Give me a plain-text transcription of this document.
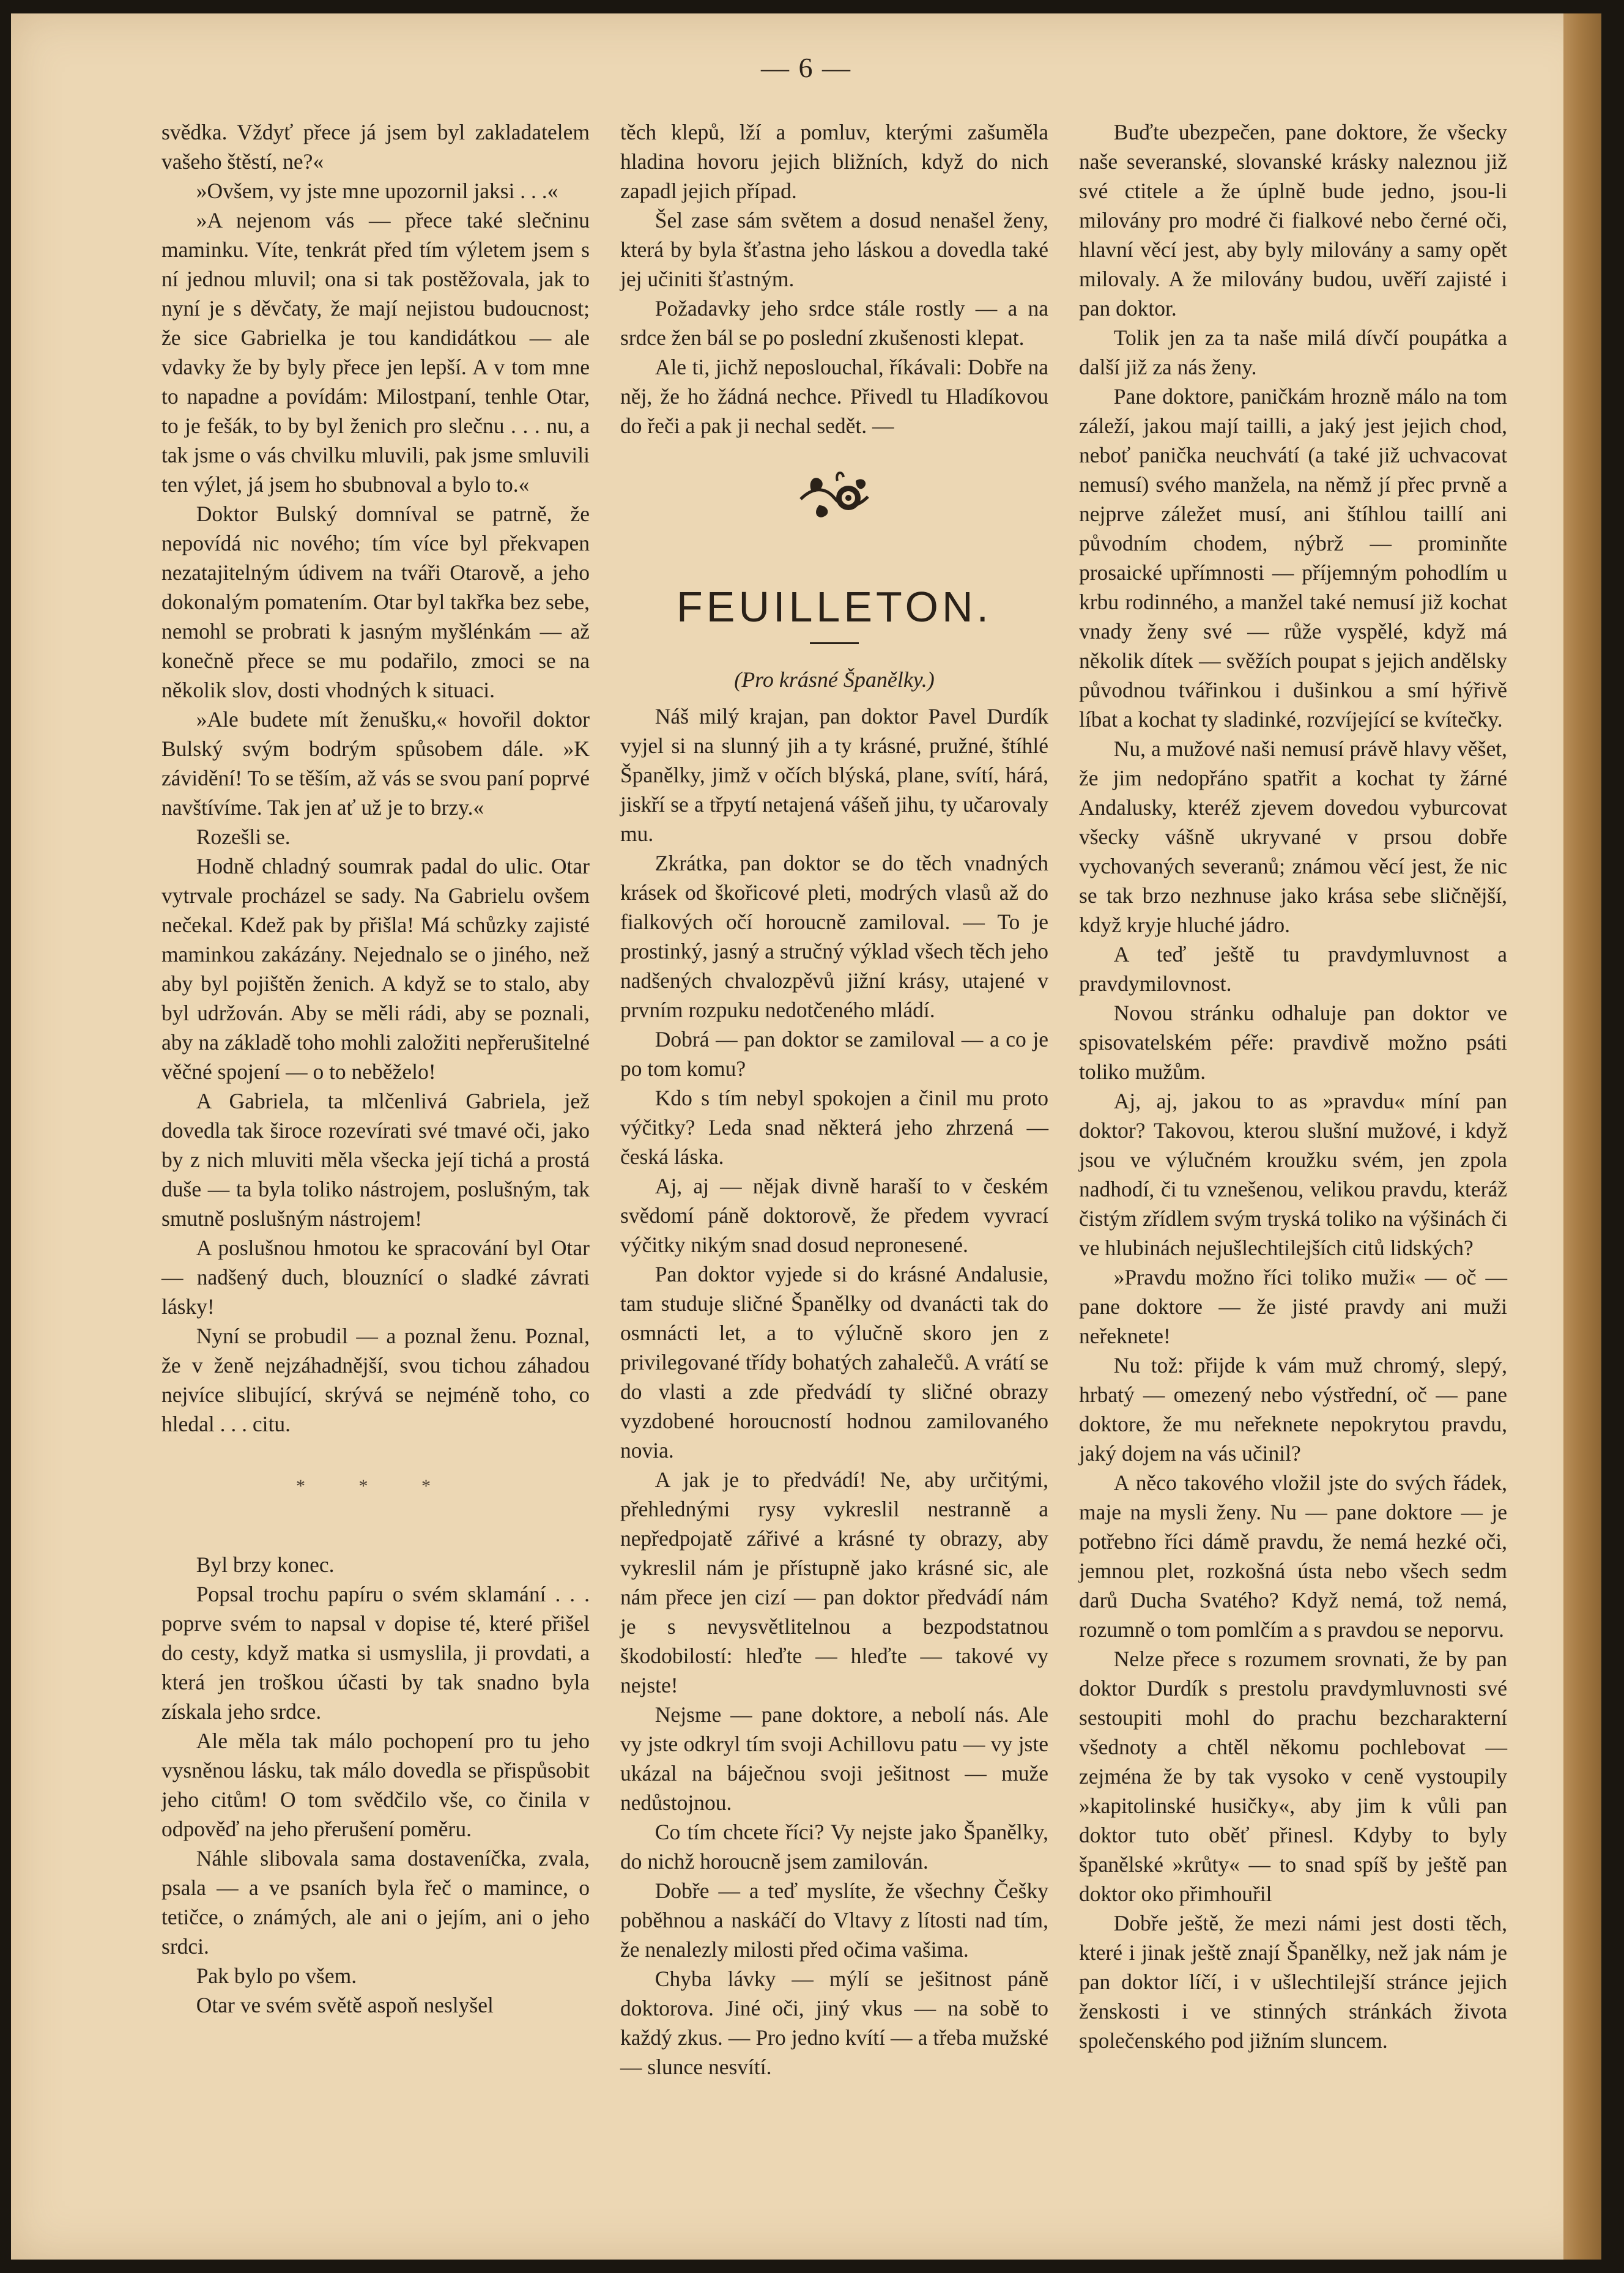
— 6 —

svědka. Vždyť přece já jsem byl zakladatelem vašeho štěstí, ne?«

»Ovšem, vy jste mne upozornil jaksi . . .«

»A nejenom vás — přece také slečninu maminku. Víte, tenkrát před tím výletem jsem s ní jednou mluvil; ona si tak postěžovala, jak to nyní je s děvčaty, že mají nejistou budoucnost; že sice Gabrielka je tou kandidátkou — ale vdavky že by byly přece jen lepší. A v tom mne to napadne a povídám: Milostpaní, tenhle Otar, to je fešák, to by byl ženich pro slečnu . . . nu, a tak jsme o vás chvilku mluvili, pak jsme smluvili ten výlet, já jsem ho sbubnoval a bylo to.«

Doktor Bulský domníval se patrně, že nepovídá nic nového; tím více byl překvapen nezatajitelným údivem na tváři Otarově, a jeho dokonalým pomatením. Otar byl takřka bez sebe, nemohl se probrati k jasným myšlénkám — až konečně přece se mu podařilo, zmoci se na několik slov, dosti vhodných k situaci.

»Ale budete mít ženušku,« hovořil doktor Bulský svým bodrým spůsobem dále. »K závidění! To se těším, až vás se svou paní poprvé navštívíme. Tak jen ať už je to brzy.«

Rozešli se.

Hodně chladný soumrak padal do ulic. Otar vytrvale procházel se sady. Na Gabrielu ovšem nečekal. Kdež pak by přišla! Má schůzky zajisté maminkou zakázány. Nejednalo se o jiného, než aby byl pojištěn ženich. A když se to stalo, aby byl udržován. Aby se měli rádi, aby se poznali, aby na základě toho mohli založiti nepřerušitelné věčné spojení — o to neběželo!

A Gabriela, ta mlčenlivá Gabriela, jež dovedla tak široce rozevírati své tmavé oči, jako by z nich mluviti měla všecka její tichá a prostá duše — ta byla toliko nástrojem, poslušným, tak smutně poslušným nástrojem!

A poslušnou hmotou ke spracování byl Otar — nadšený duch, blouznící o sladké závrati lásky!

Nyní se probudil — a poznal ženu. Poznal, že v ženě nejzáhadnější, svou tichou záhadou nejvíce slibující, skrývá se nejméně toho, co hledal . . . citu.

* * *

Byl brzy konec.

Popsal trochu papíru o svém sklamání . . . poprve svém to napsal v dopise té, které přišel do cesty, když matka si usmyslila, ji provdati, a která jen troškou účasti by tak snadno byla získala jeho srdce.

Ale měla tak málo pochopení pro tu jeho vysněnou lásku, tak málo dovedla se přispůsobit jeho citům! O tom svědčilo vše, co činila v odpověď na jeho přerušení poměru.

Náhle slibovala sama dostaveníčka, zvala, psala — a ve psaních byla řeč o mamince, o tetičce, o známých, ale ani o jejím, ani o jeho srdci.

Pak bylo po všem.

Otar ve svém světě aspoň neslyšel

těch klepů, lží a pomluv, kterými zašuměla hladina hovoru jejich bližních, když do nich zapadl jejich případ.

Šel zase sám světem a dosud nenašel ženy, která by byla šťastna jeho láskou a dovedla také jej učiniti šťastným.

Požadavky jeho srdce stále rostly — a na srdce žen bál se po poslední zkušenosti klepat.

Ale ti, jichž neposlouchal, říkávali: Dobře na něj, že ho žádná nechce. Přivedl tu Hladíkovou do řeči a pak ji nechal sedět. —

FEUILLETON.
(Pro krásné Španělky.)

Náš milý krajan, pan doktor Pavel Durdík vyjel si na slunný jih a ty krásné, pružné, štíhlé Španělky, jimž v očích blýská, plane, svítí, hárá, jiskří se a třpytí netajená vášeň jihu, ty učarovaly mu.

Zkrátka, pan doktor se do těch vnadných krásek od škořicové pleti, modrých vlasů až do fialkových očí horoucně zamiloval. — To je prostinký, jasný a stručný výklad všech těch jeho nadšených chvalozpěvů jižní krásy, utajené v prvním rozpuku nedotčeného mládí.

Dobrá — pan doktor se zamiloval — a co je po tom komu?

Kdo s tím nebyl spokojen a činil mu proto výčitky? Leda snad některá jeho zhrzená — česká láska.

Aj, aj — nějak divně haraší to v českém svědomí páně doktorově, že předem vyvrací výčitky nikým snad dosud nepronesené.

Pan doktor vyjede si do krásné Andalusie, tam studuje sličné Španělky od dvanácti tak do osmnácti let, a to výlučně skoro jen z privilegované třídy bohatých zahalečů. A vrátí se do vlasti a zde předvádí ty sličné obrazy vyzdobené horoucností hodnou zamilovaného novia.

A jak je to předvádí! Ne, aby určitými, přehlednými rysy vykreslil nestranně a nepředpojatě zářivé a krásné ty obrazy, aby vykreslil nám je přístupně jako krásné sic, ale nám přece jen cizí — pan doktor předvádí nám je s nevysvětlitelnou a bezpodstatnou škodobilostí: hleďte — hleďte — takové vy nejste!

Nejsme — pane doktore, a nebolí nás. Ale vy jste odkryl tím svoji Achillovu patu — vy jste ukázal na báječnou svoji ješitnost — muže nedůstojnou.

Co tím chcete říci? Vy nejste jako Španělky, do nichž horoucně jsem zamilován.

Dobře — a teď myslíte, že všechny Češky poběhnou a naskáčí do Vltavy z lítosti nad tím, že nenalezly milosti před očima vašima.

Chyba lávky — mýlí se ješitnost páně doktorova. Jiné oči, jiný vkus — na sobě to každý zkus. — Pro jedno kvítí — a třeba mužské — slunce nesvítí.

Buďte ubezpečen, pane doktore, že všecky naše severanské, slovanské krásky naleznou již své ctitele a že úplně bude jedno, jsou-li milovány pro modré či fialkové nebo černé oči, hlavní věcí jest, aby byly milovány a samy opět milovaly. A že milovány budou, uvěří zajisté i pan doktor.

Tolik jen za ta naše milá dívčí poupátka a další již za nás ženy.

Pane doktore, paničkám hrozně málo na tom záleží, jakou mají tailli, a jaký jest jejich chod, neboť panička neuchvátí (a také již uchvacovat nemusí) svého manžela, na němž jí přec prvně a nejprve záležet musí, ani štíhlou taillí ani původním chodem, nýbrž — prominňte prosaické upřímnosti — příjemným pohodlím u krbu rodinného, a manžel také nemusí již kochat vnady ženy své — růže vyspělé, když má několik dítek — svěžích poupat s jejich andělsky původnou tvářinkou i dušinkou a smí hýřivě líbat a kochat ty sladinké, rozvíjející se kvítečky.

Nu, a mužové naši nemusí právě hlavy věšet, že jim nedopřáno spatřit a kochat ty žárné Andalusky, kteréž zjevem dovedou vyburcovat všecky vášně ukryvané v prsou dobře vychovaných severanů; známou věcí jest, že nic se tak brzo nezhnuse jako krása sebe sličnější, když kryje hluché jádro.

A teď ještě tu pravdymluvnost a pravdymilovnost.

Novou stránku odhaluje pan doktor ve spisovatelském péře: pravdivě možno psáti toliko mužům.

Aj, aj, jakou to as »pravdu« míní pan doktor? Takovou, kterou slušní mužové, i když jsou ve výlučném kroužku svém, jen zpola nadhodí, či tu vznešenou, velikou pravdu, kteráž čistým zřídlem svým tryská toliko na výšinách či ve hlubinách nejušlechtilejších citů lidských?

»Pravdu možno říci toliko muži« — oč — pane doktore — že jisté pravdy ani muži neřeknete!

Nu tož: přijde k vám muž chromý, slepý, hrbatý — omezený nebo výstřední, oč — pane doktore, že mu neřeknete nepokrytou pravdu, jaký dojem na vás učinil?

A něco takového vložil jste do svých řádek, maje na mysli ženy. Nu — pane doktore — je potřebno říci dámě pravdu, že nemá hezké oči, jemnou plet, rozkošná ústa nebo všech sedm darů Ducha Svatého? Když nemá, tož nemá, rozumně o tom pomlčím a s pravdou se neporvu.

Nelze přece s rozumem srovnati, že by pan doktor Durdík s prestolu pravdymluvnosti své sestoupiti mohl do prachu bezcharakterní všednoty a chtěl někomu pochlebovat — zejména že by tak vysoko v ceně vystoupily »kapitolinské husičky«, aby jim k vůli pan doktor tuto oběť přinesl. Kdyby to byly španělské »krůty« — to snad spíš by ještě pan doktor oko přimhouřil

Dobře ještě, že mezi námi jest dosti těch, které i jinak ještě znají Španělky, než jak nám je pan doktor líčí, i v ušlechtilejší stránce jejich ženskosti i ve stinných stránkách života společenského pod jižním sluncem.
